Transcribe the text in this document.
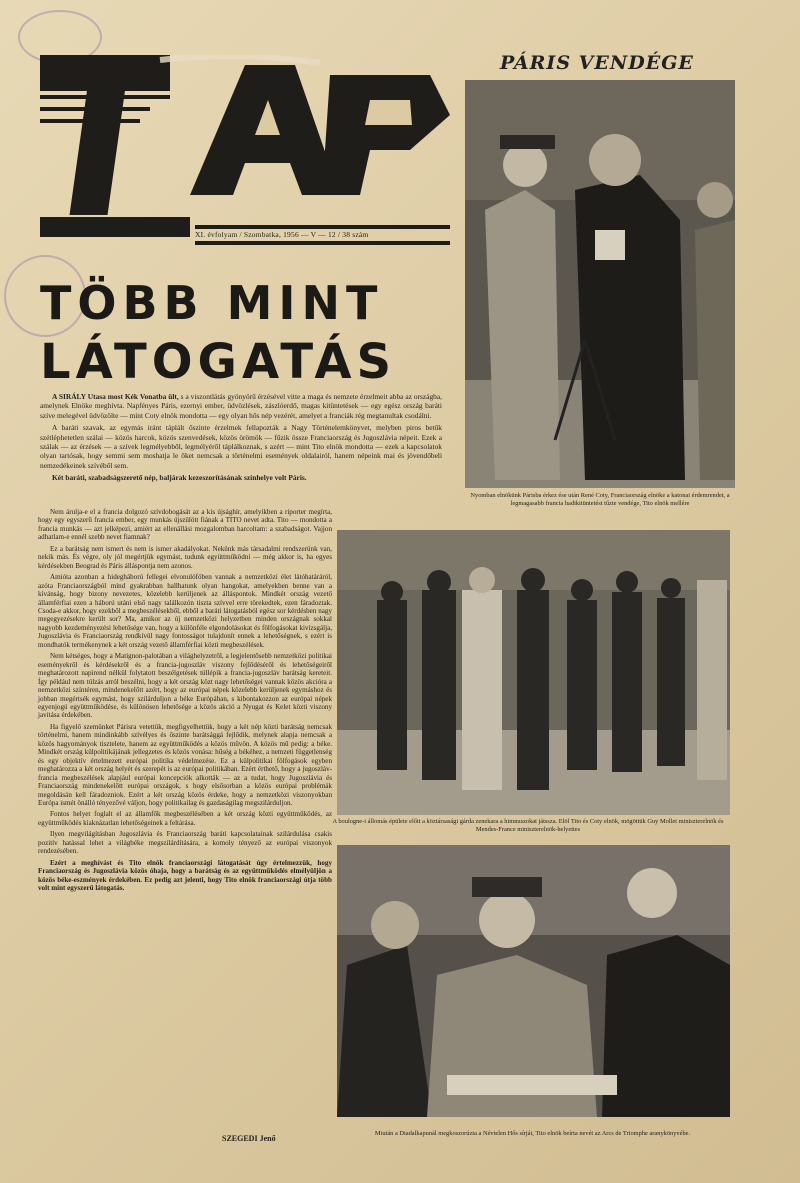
XI. évfolyam / Szombatka, 1956 — V — 12 / 38 szám
TÖBB MINT
LÁTOGATÁS

A SIRÁLY Utasa most Kék Vonatba ült, s a viszontlátás gyönyörű érzésével vitte a maga és nemzete érzelmeit abba az országba, amelynek Elnöke meghívta. Napfényes Páris, ezernyi ember, üdvözlések, zászlóerdő, magas kitüntetések — egy egész ország baráti szíve melegével üdvözölte — mint Coty elnök mondotta — egy olyan hős nép vezérét, amelyet a franciák rég megtanultak csodálni.

A baráti szavak, az egymás iránt táplált őszinte érzelmek fellapozták a Nagy Történelemkönyvet, melyben piros betűk szétléphetetlen szálai — közös harcok, közös szenvedések, közös örömök — fűzik össze Franciaország és Jugoszlávia népeit. Ezek a szálak — az érzések — a szívek legmélyebből, legmélyéről táplálkoznak, s azért — mint Tito elnök mondotta — ezek a kapcsolatok olyan tartósak, hogy semmi sem moshatja le őket nemcsak a történelmi események oldalairól, hanem népeink mai és jövendőbeli nemzedékeinek szívéből sem.

Két baráti, szabadságszerető nép, baljárak kezeszorításának színhelye volt Páris.

Nem árulja-e el a francia dolgozó szívdobogását az a kis újsághír, amelyikben a riporter megírta, hogy egy egyszerű francia ember, egy munkás újszülött fiának a TITO nevet adta. Tito — mondotta a francia munkás — azt jelképezi, amiért az ellenállási mozgalomban harcoltam: a szabadságot. Vajjon adhatlam-e ennél szebb nevet fiamnak?

Ez a barátság nem ismert és nem is ismer akadályokat. Nekünk más társadalmi rendszerünk van, nekik más. És végre, oly jól megértjük egymást, tudunk együttműködni — még akkor is, ha egyes kérdésekben Beograd és Páris álláspontja nem azonos.

Amióta azonban a hidegháború fellegei elvonulóföben vannak a nemzetközi élet látóhatáráról, azóta Franciaországból mind gyakrabban hallhatunk olyan hangokat, amelyekben benne van a kívánság, hogy bizony nevezetes, közelebb kerüljenek az álláspontok. Mindkét ország vezető államférfiai ezen a háború utáni első nagy találkozón tiszta szívvel erre törekedtek, ezen fáradoztak. Csoda-e akkor, hogy ezekből a megbeszélésekből, ebből a baráti látogatásból egész sor kérdésben nagy megegyezésekre került sor? Ma, amikor az új nemzetközi helyzetben minden országnak sokkal nagyobb kezdeményezési lehetősége van, hogy a különféle elgondolásokat és fölfogásokat kivizsgálja, Jugoszlávia és Franciaország rendkívül nagy fontosságot tulajdonít ennek a lehetőségnek, s ezért is mondhatók termékenynek a két ország vezető államférfiai közti megbeszélések.

Nem kétséges, hogy a Matignon-palotában a világhelyzetről, a legjelentősebb nemzetközi politikai eseményekről és kérdésekről és a francia-jugoszláv viszony fejlődéséről és lehetőségeiről meghatározott napirend nélkül folytatott beszélgetések túllépik a francia-jugoszláv barátság kereteit. Így például nem túlzás arról beszélni, hogy a két ország közt nagy lehetőségei vannak közös akcióra a nemzetközi színtéren, mindenekelőtt azért, hogy az európai népek közelebb kerüljenek egymáshoz és jobban megértsék egymást, hogy szilárduljon a béke Európában, s kibontakozzon az európai népek egyenjogú együttműködése, és különösen lehetősége a közös akció a Nyugat és Kelet közti viszony javítása érdekében.

Ha figyelő szemünket Párisra vetettük, megfigyelhettük, hogy a két nép közti barátság nemcsak történelmi, hanem mindinkább szívélyes és őszinte barátsággá fejlődik, melynek alapja nemcsak a közös hagyományok tisztelete, hanem az együttműködés a közös művön. A közös mű pedig: a béke. Mindkét ország külpolitikájának jellegzetes és közös vonása: hűség a békéhez, a nemzeti függetlenség és egy objektív értelmezett európai politika védelmezése. Ez a külpolitikai fölfogások egyben meghatározza a két ország helyét és szerepét is az európai politikában. Ezért érthető, hogy a jugoszláv-francia megbeszélések alapjául európai koncepciók alkották — az a tudat, hogy Jugoszlávia és Franciaország mindenekelőtt európai országok, s hogy elsősorban a közös európai problémák megoldásán kell fáradozniok. Ezért a két ország közös érdeke, hogy a nemzetközi viszonyokban Európa ismét önálló tényezővé váljon, hogy politikailag és gazdaságilag megszilárduljon.

Fontos helyet foglalt el az államfők megbeszélésében a két ország közti együttműködés, az együttműködés kiaknázatlan lehetőségeinek a feltárása.

Ilyen megvilágításban Jugoszlávia és Franciaország baráti kapcsolatainak szilárdulása csakis pozitív hatással lehet a világbéke megszilárdítására, a komoly tényező az európai viszonyok rendezésében.

Ezért a meghívást és Tito elnök franciaországi látogatását úgy értelmezzük, hogy Franciaország és Jugoszlávia közös óhaja, hogy a barátság és az együttműködés elmélyüljön a közös béke-eszmények érdekében. Ez pedig azt jelenti, hogy Tito elnök franciaországi útja több volt mint egyszerű látogatás.

SZEGEDI Jenő
PÁRIS VENDÉGE
Nyomban elnökünk Párisba érkez ése után René Coty, Franciaország elnöke a katonai érdemrendet, a legmagasabb francia hadikitüntetést tűzte vendége, Tito elnök mellére
A boulogne-i állomás épülete előtt a köztársasági gárda zenekara a himnuszokat játssza. Elöl Tito és Coty elnök, mögöttük Guy Mollet miniszterelnök és Mendes-France miniszterelnök-helyettes
Miután a Diadalkapunál megkoszorúzta a Névtelen Hős sírját, Tito elnök beírta nevét az Arcs de Triomphe aranykönyvébe.
